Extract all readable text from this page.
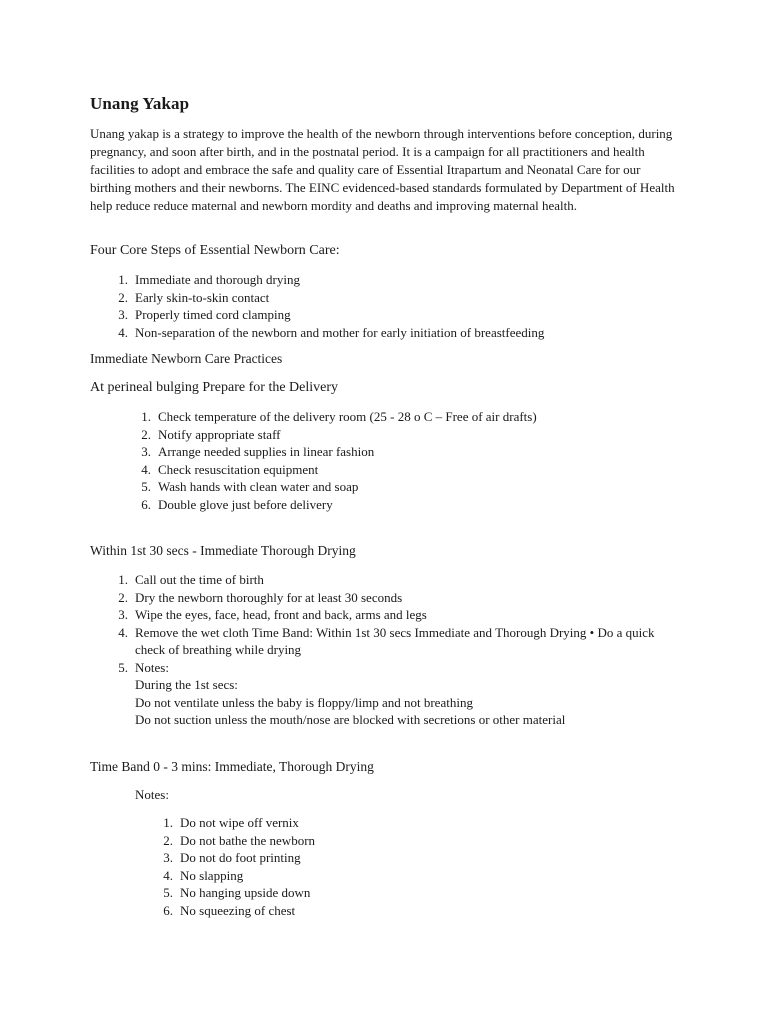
Unang Yakap

Unang yakap is a strategy to improve the health of the newborn through interventions before conception, during pregnancy, and soon after birth, and in the postnatal period. It is a campaign for all practitioners and health facilities to adopt and embrace the safe and quality care of Essential Itrapartum and Neonatal Care for our birthing mothers and their newborns. The EINC evidenced-based standards formulated by Department of Health help reduce reduce maternal and newborn mordity and deaths and improving maternal health.

Four Core Steps of Essential Newborn Care:

1. Immediate and thorough drying
2. Early skin-to-skin contact
3. Properly timed cord clamping
4. Non-separation of the newborn and mother for early initiation of breastfeeding

Immediate Newborn Care Practices

At perineal bulging Prepare for the Delivery

1. Check temperature of the delivery room (25 - 28 o C – Free of air drafts)
2. Notify appropriate staff
3. Arrange needed supplies in linear fashion
4. Check resuscitation equipment
5. Wash hands with clean water and soap
6. Double glove just before delivery

Within 1st 30 secs - Immediate Thorough Drying

1. Call out the time of birth
2. Dry the newborn thoroughly for at least 30 seconds
3. Wipe the eyes, face, head, front and back, arms and legs
4. Remove the wet cloth Time Band: Within 1st 30 secs Immediate and Thorough Drying • Do a quick check of breathing while drying
5. Notes:
During the 1st secs:
Do not ventilate unless the baby is floppy/limp and not breathing
Do not suction unless the mouth/nose are blocked with secretions or other material

Time Band 0 - 3 mins: Immediate, Thorough Drying

Notes:

1. Do not wipe off vernix
2. Do not bathe the newborn
3. Do not do foot printing
4. No slapping
5. No hanging upside down
6. No squeezing of chest
